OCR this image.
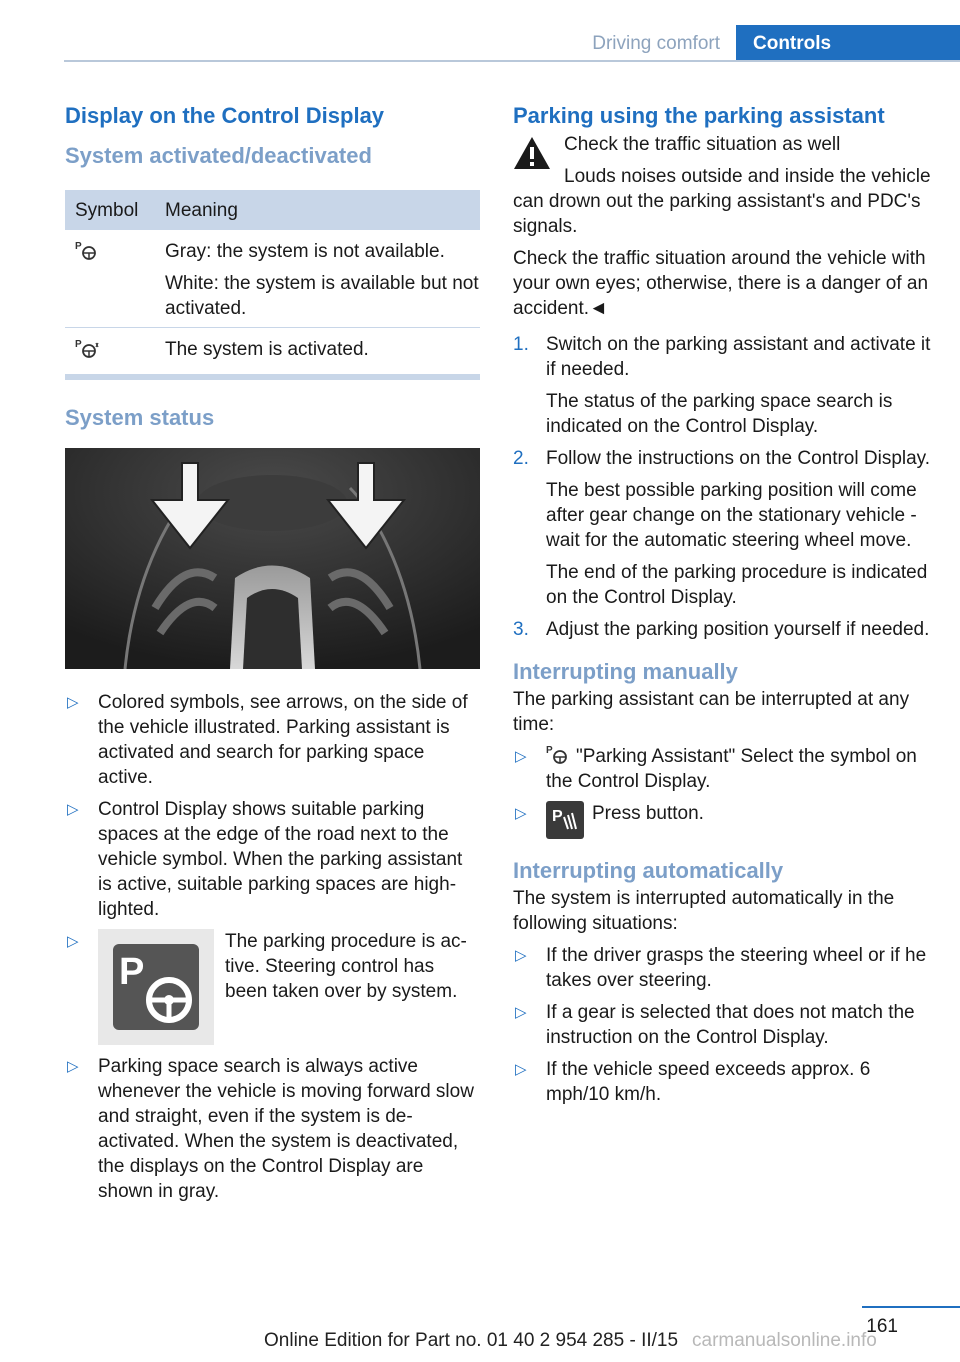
Driving comfort	Controls
Display on the Control Display
System activated/deactivated
Symbol	Meaning

P	Gray: the system is not available.

White: the system is available but not activated.

P	The system is activated.
System status
▷ Colored symbols, see arrows, on the side of the vehicle illustrated. Parking assistant is activated and search for parking space active.
▷ Control Display shows suitable parking spaces at the edge of the road next to the vehicle symbol. When the parking assistant is active, suitable parking spaces are highlighted.
▷
P
The parking procedure is active. Steering control has been taken over by system.
▷ Parking space search is always active whenever the vehicle is moving forward slow and straight, even if the system is deactivated. When the system is deactivated, the displays on the Control Display are shown in gray.
Parking using the parking assistant

Check the traffic situation as well

Louds noises outside and inside the vehicle can drown out the parking assistant's and PDC's signals.

Check the traffic situation around the vehicle with your own eyes; otherwise, there is a danger of an accident.◄

1. Switch on the parking assistant and activate it if needed.

The status of the parking space search is indicated on the Control Display.

2. Follow the instructions on the Control Display.

The best possible parking position will come after gear change on the stationary vehicle - wait for the automatic steering wheel move.

The end of the parking procedure is indicated on the Control Display.

3. Adjust the parking position yourself if needed.

Interrupting manually

The parking assistant can be interrupted at any time:

▷ P "Parking Assistant" Select the symbol on the Control Display.
▷ P Press button.
Interrupting automatically

The system is interrupted automatically in the following situations:

▷ If the driver grasps the steering wheel or if he takes over steering.
▷ If a gear is selected that does not match the instruction on the Control Display.
▷ If the vehicle speed exceeds approx. 6 mph/10 km/h.
161
Online Edition for Part no. 01 40 2 954 285 - II/15 carmanualsonline.info
